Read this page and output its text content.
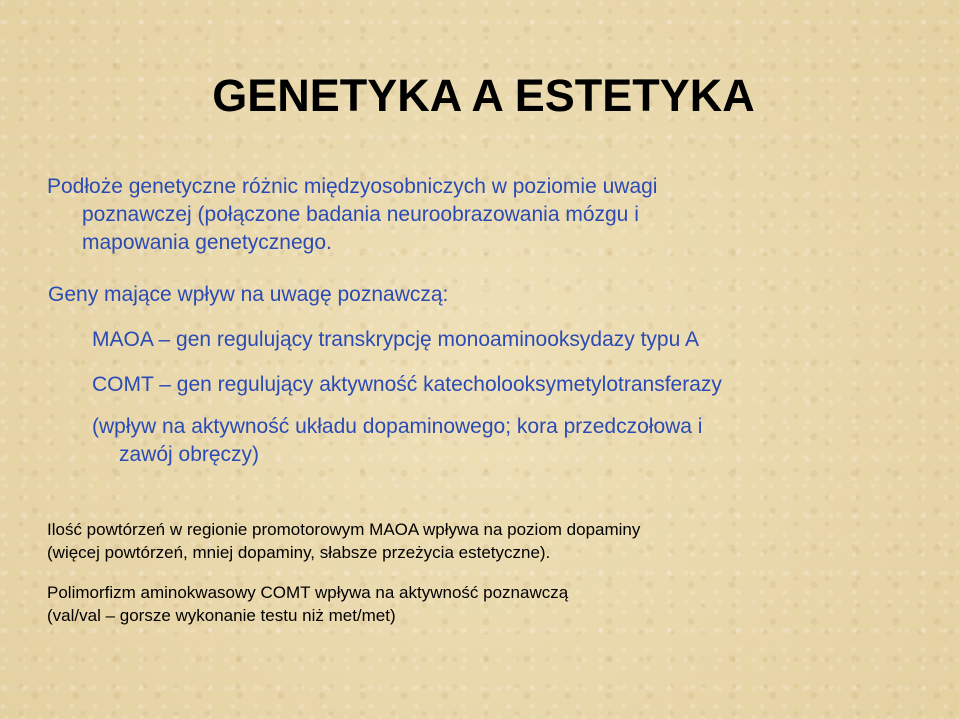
GENETYKA A ESTETYKA

Podłoże genetyczne różnic międzyosobniczych w poziomie uwagi

poznawczej (połączone badania neuroobrazowania mózgu i
mapowania genetycznego.

Geny mające wpływ na uwagę poznawczą:

MAOA – gen regulujący transkrypcję monoaminooksydazy typu A

COMT – gen regulujący aktywność katecholooksymetylotransferazy

(wpływ na aktywność układu dopaminowego; kora przedczołowa i
zawój obręczy)

Ilość powtórzeń w regionie promotorowym MAOA wpływa na poziom dopaminy
(więcej powtórzeń, mniej dopaminy, słabsze przeżycia estetyczne).

Polimorfizm aminokwasowy COMT wpływa na aktywność poznawczą
(val/val – gorsze wykonanie testu niż met/met)
